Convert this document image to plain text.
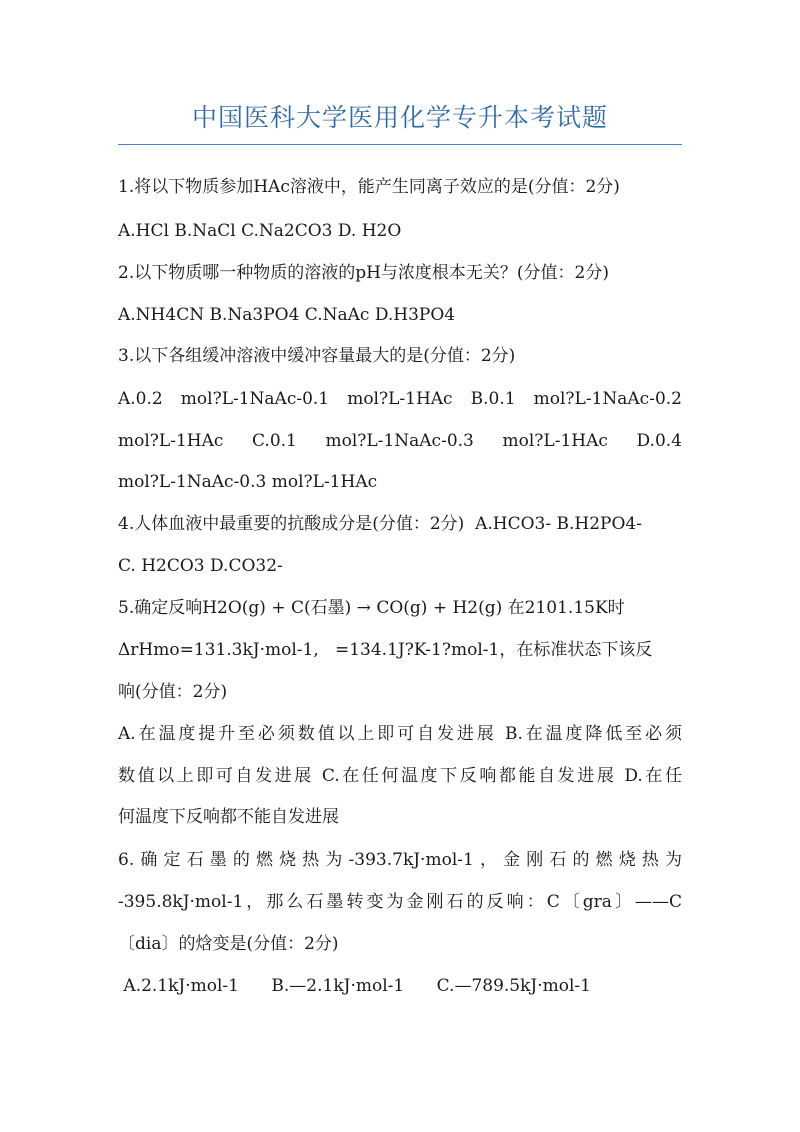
中国医科大学医用化学专升本考试题
1.将以下物质参加HAc溶液中，能产生同离子效应的是(分值：2分)
A.HCl B.NaCl C.Na2CO3 D. H2O
2.以下物质哪一种物质的溶液的pH与浓度根本无关？(分值：2分)
A.NH4CN B.Na3PO4 C.NaAc D.H3PO4
3.以下各组缓冲溶液中缓冲容量最大的是(分值：2分)
A.0.2 mol?L-1NaAc-0.1 mol?L-1HAc B.0.1 mol?L-1NaAc-0.2
mol?L-1HAc C.0.1 mol?L-1NaAc-0.3 mol?L-1HAc D.0.4
mol?L-1NaAc-0.3 mol?L-1HAc
4.人体血液中最重要的抗酸成分是(分值：2分)  A.HCO3- B.H2PO4-
C. H2CO3 D.CO32-
5.确定反响H2O(g) + C(石墨) → CO(g) + H2(g) 在2101.15K时
ΔrHmo=131.3kJ·mol-1,   =134.1J?K-1?mol-1，在标准状态下该反
响(分值：2分)
A.在温度提升至必须数值以上即可自发进展 B.在温度降低至必须
数值以上即可自发进展 C.在任何温度下反响都能自发进展 D.在任
何温度下反响都不能自发进展
6.确定石墨的燃烧热为-393.7kJ·mol-1，金刚石的燃烧热为
-395.8kJ·mol-1，那么石墨转变为金刚石的反响：C〔gra〕——C
〔dia〕的焓变是(分值：2分)
A.2.1kJ·mol-1      B.—2.1kJ·mol-1      C.—789.5kJ·mol-1
